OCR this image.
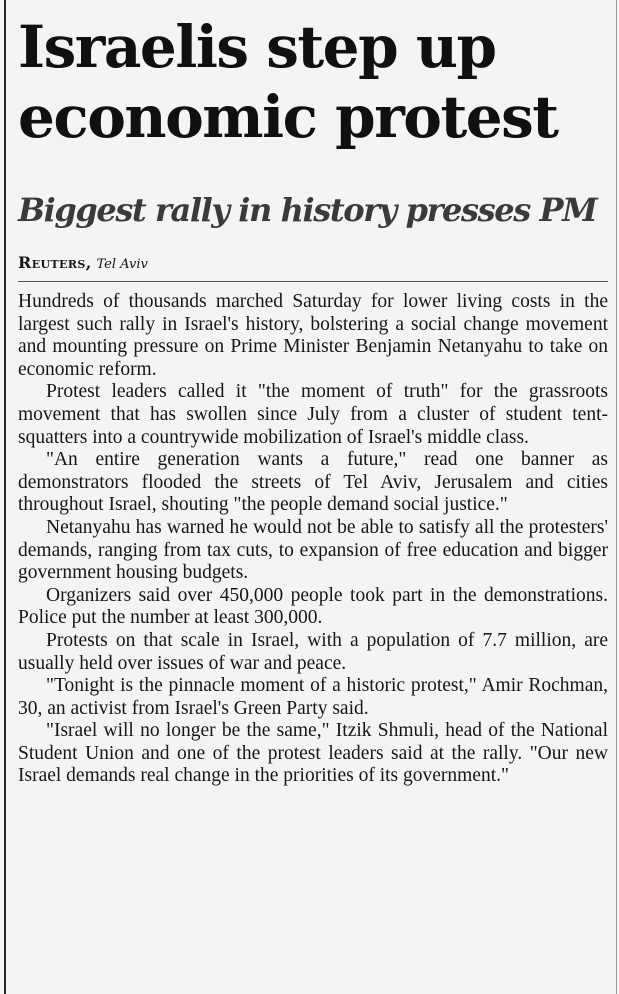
Israelis step up economic protest
Biggest rally in history presses PM
Reuters, Tel Aviv

Hundreds of thousands marched Saturday for lower living costs in the largest such rally in Israel's history, bolstering a social change movement and mounting pressure on Prime Minister Benjamin Netanyahu to take on economic reform.

Protest leaders called it "the moment of truth" for the grassroots movement that has swollen since July from a cluster of student tent-squatters into a countrywide mobilization of Israel's middle class.

"An entire generation wants a future," read one banner as demonstrators flooded the streets of Tel Aviv, Jerusalem and cities throughout Israel, shouting "the people demand social justice."

Netanyahu has warned he would not be able to satisfy all the protesters' demands, ranging from tax cuts, to expansion of free education and bigger government housing budgets.

Organizers said over 450,000 people took part in the demonstrations. Police put the number at least 300,000.

Protests on that scale in Israel, with a population of 7.7 million, are usually held over issues of war and peace.

"Tonight is the pinnacle moment of a historic protest," Amir Rochman, 30, an activist from Israel's Green Party said.

"Israel will no longer be the same," Itzik Shmuli, head of the National Student Union and one of the protest leaders said at the rally. "Our new Israel demands real change in the priorities of its government."
